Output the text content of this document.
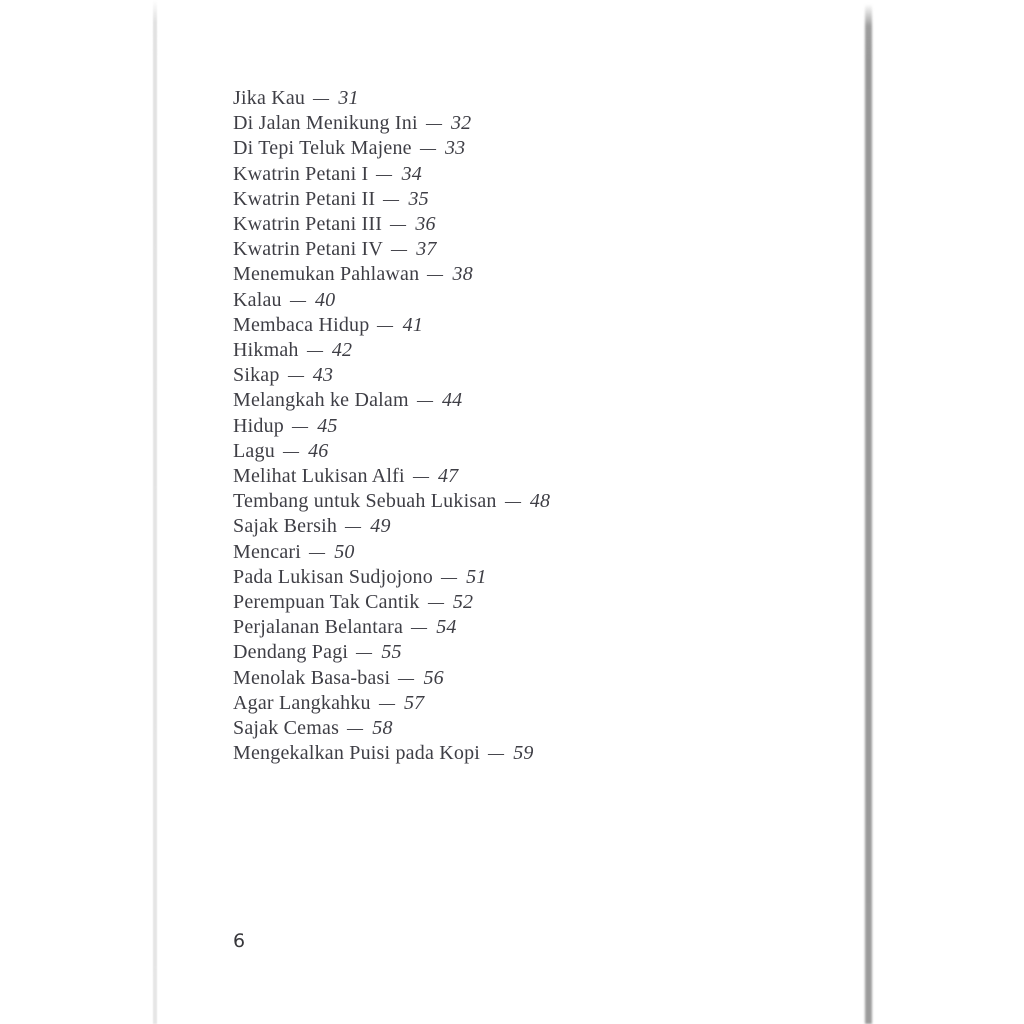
Jika Kau — 31
Di Jalan Menikung Ini — 32
Di Tepi Teluk Majene — 33
Kwatrin Petani I — 34
Kwatrin Petani II — 35
Kwatrin Petani III — 36
Kwatrin Petani IV — 37
Menemukan Pahlawan — 38
Kalau — 40
Membaca Hidup — 41
Hikmah — 42
Sikap — 43
Melangkah ke Dalam — 44
Hidup — 45
Lagu — 46
Melihat Lukisan Alfi — 47
Tembang untuk Sebuah Lukisan — 48
Sajak Bersih — 49
Mencari — 50
Pada Lukisan Sudjojono — 51
Perempuan Tak Cantik — 52
Perjalanan Belantara — 54
Dendang Pagi — 55
Menolak Basa-basi — 56
Agar Langkahku — 57
Sajak Cemas — 58
Mengekalkan Puisi pada Kopi — 59
6
